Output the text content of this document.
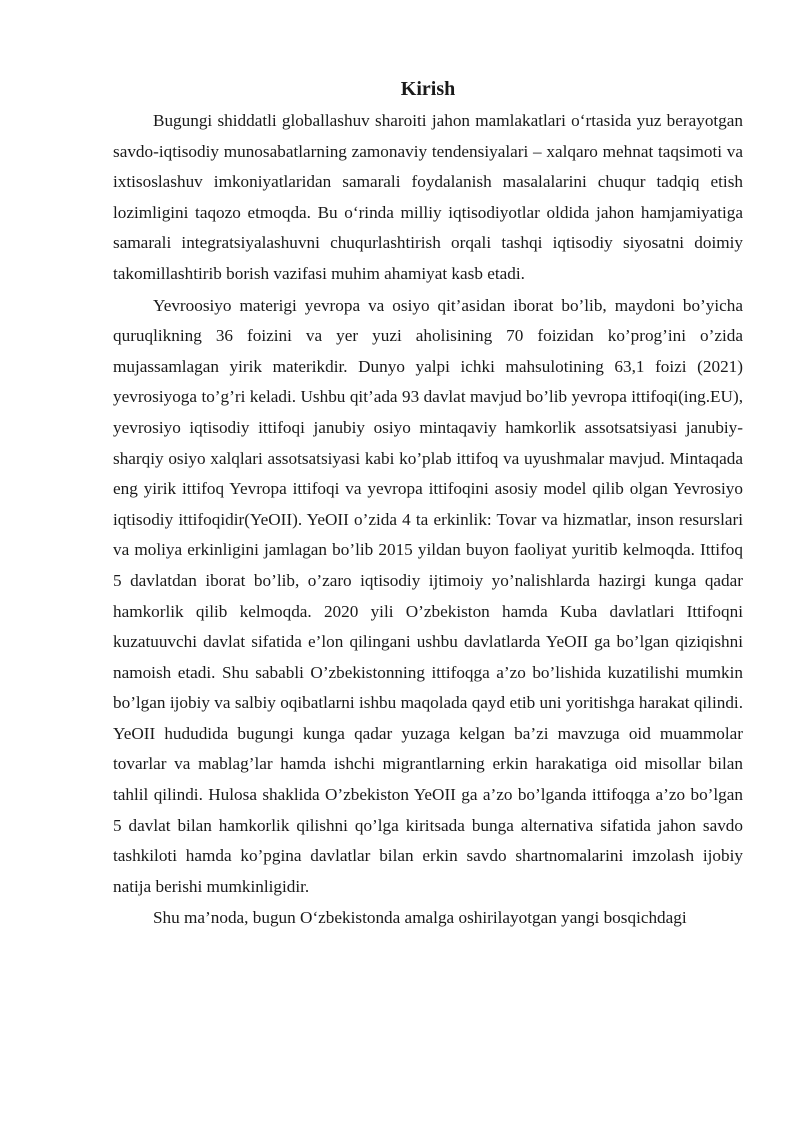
Kirish

Bugungi shiddatli globallashuv sharoiti jahon mamlakatlari o‘rtasida yuz berayotgan savdo-iqtisodiy munosabatlarning zamonaviy tendensiyalari – xalqaro mehnat taqsimoti va ixtisoslashuv imkoniyatlaridan samarali foydalanish masalalarini chuqur tadqiq etish lozimligini taqozo etmoqda. Bu o‘rinda milliy iqtisodiyotlar oldida jahon hamjamiyatiga samarali integratsiyalashuvni chuqurlashtirish orqali tashqi iqtisodiy siyosatni doimiy takomillashtirib borish vazifasi muhim ahamiyat kasb etadi.

Yevroosiyo materigi yevropa va osiyo qit’asidan iborat bo’lib, maydoni bo’yicha quruqlikning 36 foizini va yer yuzi aholisining 70 foizidan ko’prog’ini o’zida mujassamlagan yirik materikdir. Dunyo yalpi ichki mahsulotining 63,1 foizi (2021) yevrosiyoga to’g’ri keladi. Ushbu qit’ada 93 davlat mavjud bo’lib yevropa ittifoqi(ing.EU), yevrosiyo iqtisodiy ittifoqi janubiy osiyo mintaqaviy hamkorlik assotsatsiyasi janubiy-sharqiy osiyo xalqlari assotsatsiyasi kabi ko’plab ittifoq va uyushmalar mavjud. Mintaqada eng yirik ittifoq Yevropa ittifoqi va yevropa ittifoqini asosiy model qilib olgan Yevrosiyo iqtisodiy ittifoqidir(YeOII). YeOII o’zida 4 ta erkinlik: Tovar va hizmatlar, inson resurslari va moliya erkinligini jamlagan bo’lib 2015 yildan buyon faoliyat yuritib kelmoqda. Ittifoq 5 davlatdan iborat bo’lib, o’zaro iqtisodiy ijtimoiy yo’nalishlarda hazirgi kunga qadar hamkorlik qilib kelmoqda. 2020 yili O’zbekiston hamda Kuba davlatlari Ittifoqni kuzatuuvchi davlat sifatida e’lon qilingani ushbu davlatlarda YeOII ga bo’lgan qiziqishni namoish etadi. Shu sababli O’zbekistonning ittifoqga a’zo bo’lishida kuzatilishi mumkin bo’lgan ijobiy va salbiy oqibatlarni ishbu maqolada qayd etib uni yoritishga harakat qilindi. YeOII hududida bugungi kunga qadar yuzaga kelgan ba’zi mavzuga oid muammolar tovarlar va mablag’lar hamda ishchi migrantlarning erkin harakatiga oid misollar bilan tahlil qilindi. Hulosa shaklida O’zbekiston YeOII ga a’zo bo’lganda ittifoqga a’zo bo’lgan 5 davlat bilan hamkorlik qilishni qo’lga kiritsada bunga alternativa sifatida jahon savdo tashkiloti hamda ko’pgina davlatlar bilan erkin savdo shartnomalarini imzolash ijobiy natija berishi mumkinligidir.

Shu ma’noda, bugun O‘zbekistonda amalga oshirilayotgan yangi bosqichdagi
